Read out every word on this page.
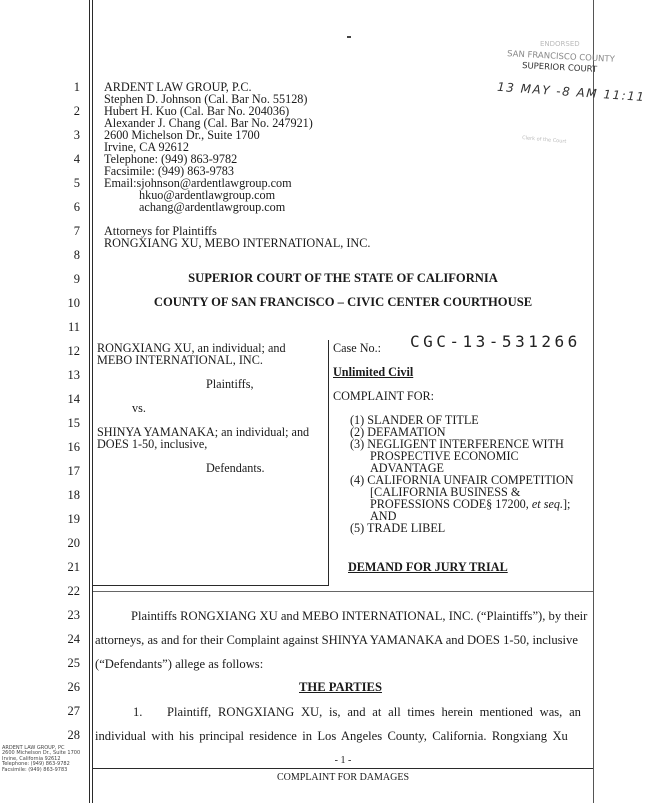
1
2
3
4
5
6
7
8
9
10
11
12
13
14
15
16
17
18
19
20
21
22
23
24
25
26
27
28
ENDORSED
SAN FRANCISCO COUNTY
SUPERIOR COURT
13 MAY -8 AM 11:11
Clerk of the Court
ARDENT LAW GROUP, P.C.
Stephen D. Johnson (Cal. Bar No. 55128)
Hubert H. Kuo (Cal. Bar No. 204036)
Alexander J. Chang (Cal. Bar No. 247921)
2600 Michelson Dr., Suite 1700
Irvine, CA 92612
Telephone: (949) 863-9782
Facsimile: (949) 863-9783
Email:sjohnson@ardentlawgroup.com
hkuo@ardentlawgroup.com
achang@ardentlawgroup.com
Attorneys for Plaintiffs
RONGXIANG XU, MEBO INTERNATIONAL, INC.
SUPERIOR COURT OF THE STATE OF CALIFORNIA
COUNTY OF SAN FRANCISCO – CIVIC CENTER COURTHOUSE
RONGXIANG XU, an individual; and
MEBO INTERNATIONAL, INC.
Plaintiffs,
vs.
SHINYA YAMANAKA; an individual; and
DOES 1-50, inclusive,
Defendants.
Case No.: CGC-13-531266
Unlimited Civil
COMPLAINT FOR:
(1) SLANDER OF TITLE
(2) DEFAMATION
(3) NEGLIGENT INTERFERENCE WITH
PROSPECTIVE ECONOMIC
ADVANTAGE
(4) CALIFORNIA UNFAIR COMPETITION
[CALIFORNIA BUSINESS &
PROFESSIONS CODE§ 17200, et seq.];
AND
(5) TRADE LIBEL
DEMAND FOR JURY TRIAL
Plaintiffs RONGXIANG XU and MEBO INTERNATIONAL, INC. (“Plaintiffs”), by their
attorneys, as and for their Complaint against SHINYA YAMANAKA and DOES 1-50, inclusive
(“Defendants”) allege as follows:
THE PARTIES
1. Plaintiff, RONGXIANG XU, is, and at all times herein mentioned was, an
individual with his principal residence in Los Angeles County, California. Rongxiang Xu
- 1 -
COMPLAINT FOR DAMAGES
ARDENT LAW GROUP, PC
2600 Michelson Dr., Suite 1700
Irvine, California 92612
Telephone: (949) 863-9782
Facsimile: (949) 863-9783
